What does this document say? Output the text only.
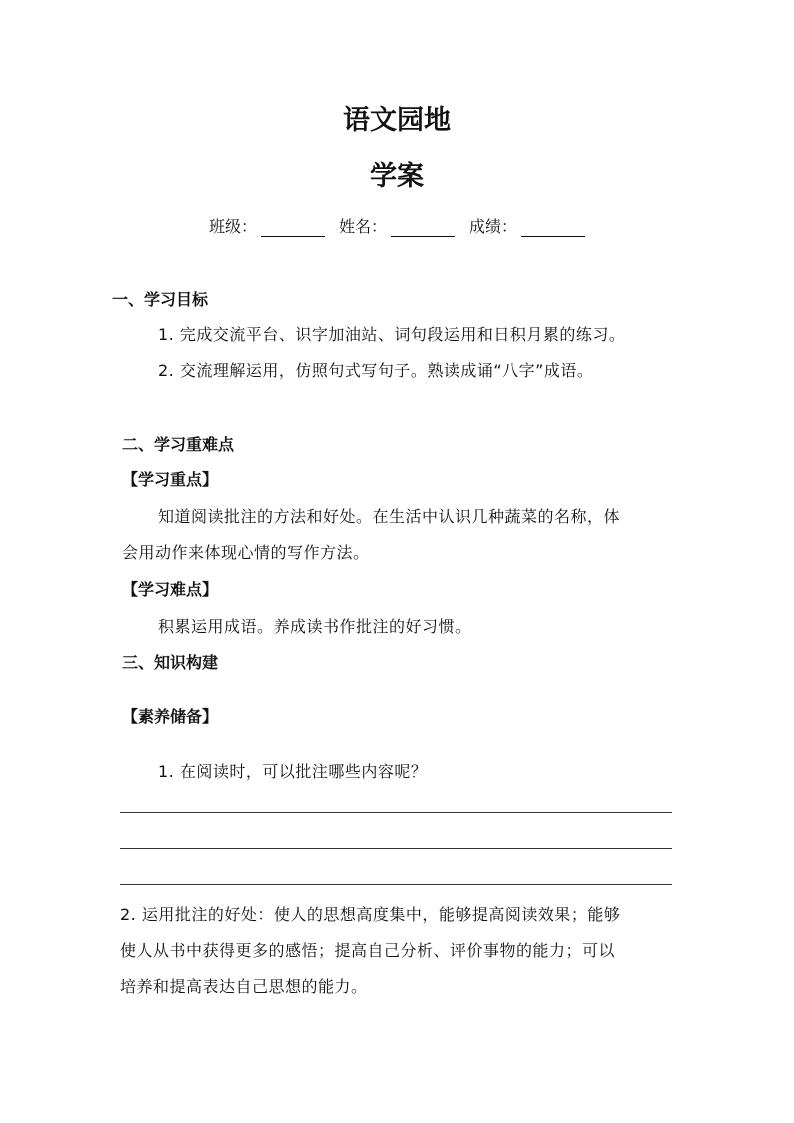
语文园地
学案
班级：	姓名：	成绩：
一、学习目标
1. 完成交流平台、识字加油站、词句段运用和日积月累的练习。
2. 交流理解运用，仿照句式写句子。熟读成诵“八字”成语。
二、学习重难点
【学习重点】
知道阅读批注的方法和好处。在生活中认识几种蔬菜的名称，体
会用动作来体现心情的写作方法。
【学习难点】
积累运用成语。养成读书作批注的好习惯。
三、知识构建
【素养储备】
1. 在阅读时，可以批注哪些内容呢？
2. 运用批注的好处：使人的思想高度集中，能够提高阅读效果；能够
使人从书中获得更多的感悟；提高自己分析、评价事物的能力；可以
培养和提高表达自己思想的能力。
